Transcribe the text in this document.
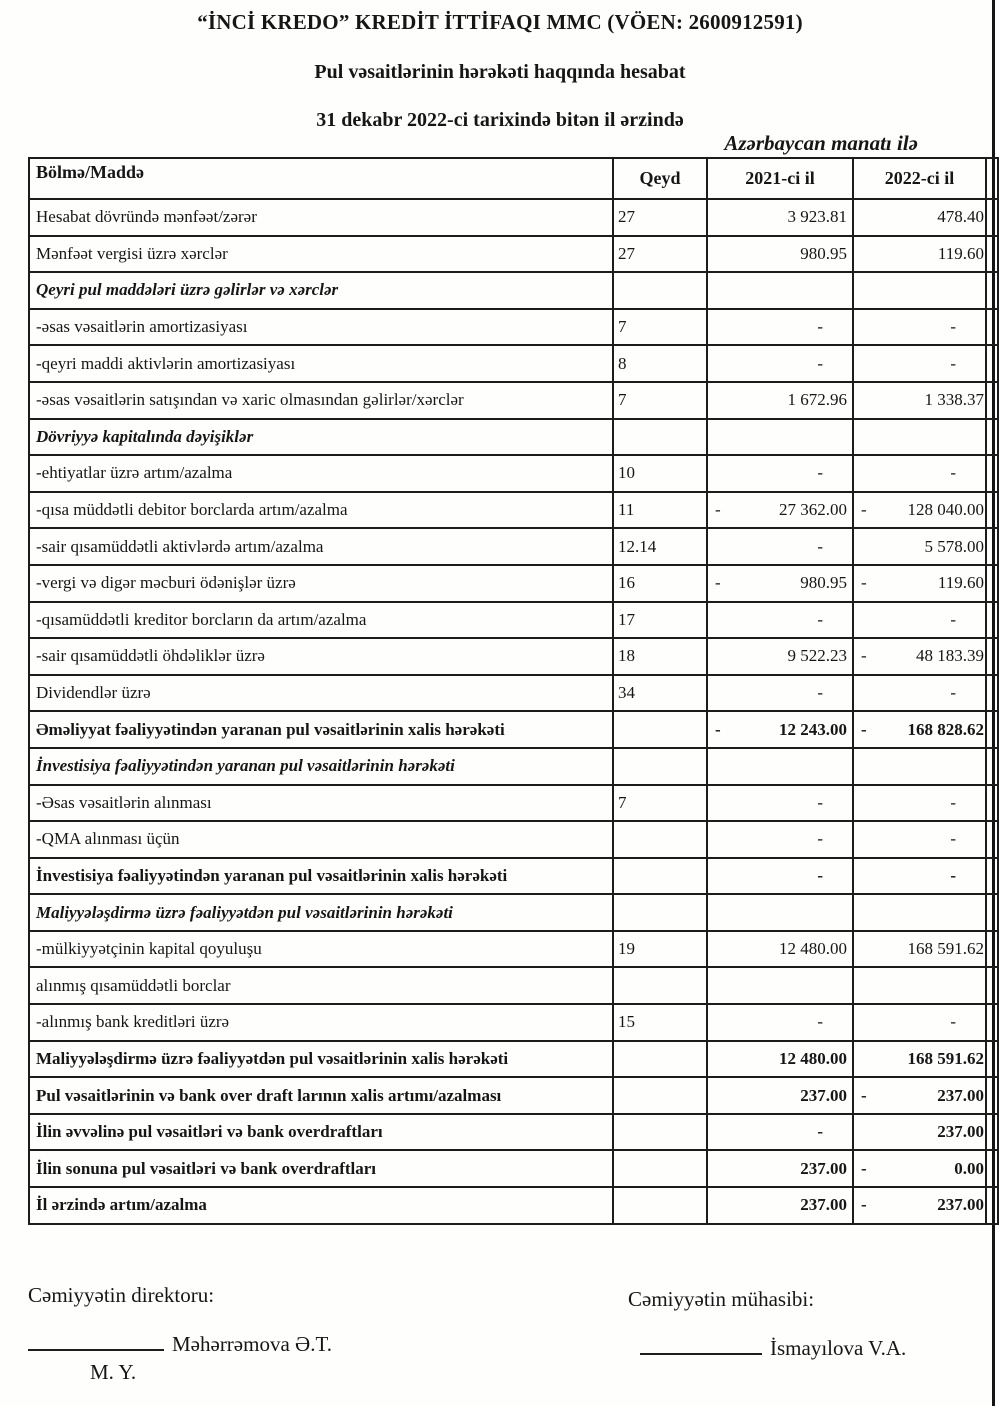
“İNCİ KREDO” KREDİT İTTİFAQI MMC (VÖEN: 2600912591)
Pul vəsaitlərinin hərəkəti haqqında hesabat
31 dekabr 2022-ci tarixində bitən il ərzində
Azərbaycan manatı ilə
Bölmə/Maddə	Qeyd	2021-ci il	2022-ci il	
Hesabat dövründə mənfəət/zərər	27	3 923.81	478.40	

Mənfəət vergisi üzrə xərclər	27	980.95	119.60	

Qeyri pul maddələri üzrə gəlirlər və xərclər				
-əsas vəsaitlərin amortizasiyası	7	-	-	

-qeyri maddi aktivlərin amortizasiyası	8	-	-	

-əsas vəsaitlərin satışından və xaric olmasından gəlirlər/xərclər	7	1 672.96	1 338.37	

Dövriyyə kapitalında dəyişiklər				
-ehtiyatlar üzrə artım/azalma	10	-	-	

-qısa müddətli debitor borclarda artım/azalma	11	- 27 362.00	- 128 040.00	

-sair qısamüddətli aktivlərdə artım/azalma	12.14	-	5 578.00	

-vergi və digər məcburi ödənişlər üzrə	16	- 980.95	- 119.60	

-qısamüddətli kreditor borcların da artım/azalma	17	-	-	

-sair qısamüddətli öhdəliklər üzrə	18	9 522.23	- 48 183.39	

Dividendlər üzrə	34	-	-	

Əməliyyat fəaliyyətindən yaranan pul vəsaitlərinin xalis hərəkəti		- 12 243.00	- 168 828.62	

İnvestisiya fəaliyyətindən yaranan pul vəsaitlərinin hərəkəti				
-Əsas vəsaitlərin alınması	7	-	-	

-QMA alınması üçün		-	-	

İnvestisiya fəaliyyətindən yaranan pul vəsaitlərinin xalis hərəkəti		-	-	

Maliyyələşdirmə üzrə fəaliyyətdən pul vəsaitlərinin hərəkəti				
-mülkiyyətçinin kapital qoyuluşu	19	12 480.00	168 591.62	

alınmış qısamüddətli borclar				
-alınmış bank kreditləri üzrə	15	-	-	

Maliyyələşdirmə üzrə fəaliyyətdən pul vəsaitlərinin xalis hərəkəti		12 480.00	168 591.62	

Pul vəsaitlərinin və bank over draft larının xalis artımı/azalması		237.00	- 237.00	

İlin əvvəlinə pul vəsaitləri və bank overdraftları		-	237.00	

İlin sonuna pul vəsaitləri və bank overdraftları		237.00	- 0.00	

İl ərzində artım/azalma		237.00	- 237.00	

Cəmiyyətin direktoru:	Cəmiyyətin mühasibi:
Məhərrəmova Ə.T.
M. Y.
İsmayılova V.A.
